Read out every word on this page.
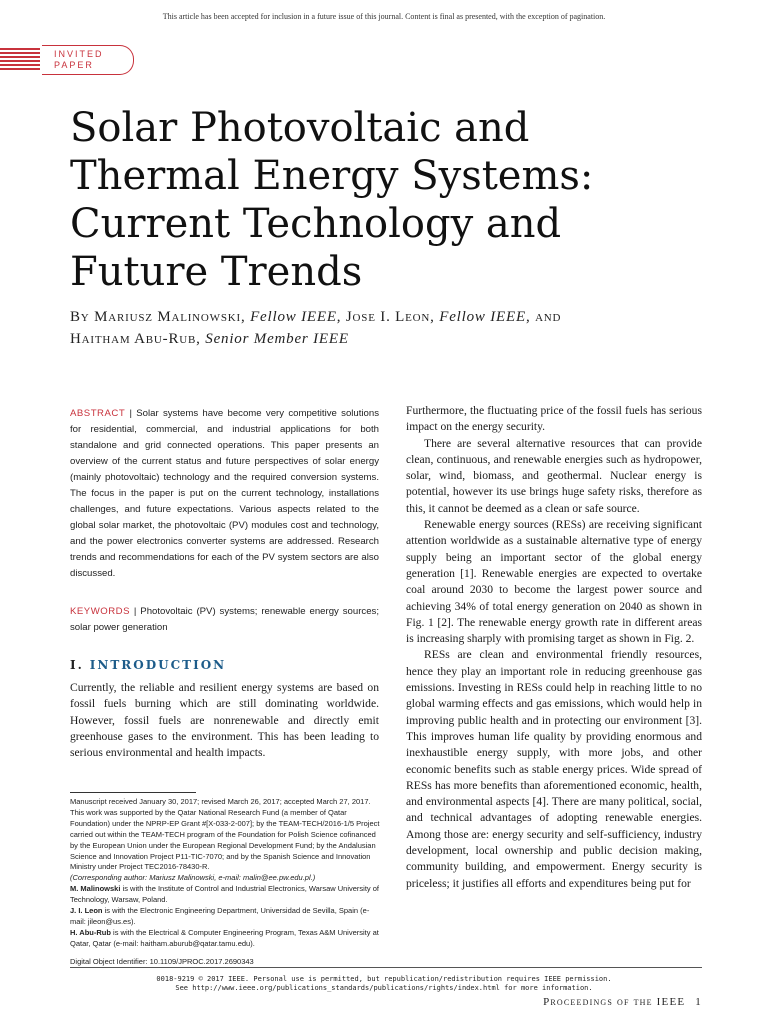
This article has been accepted for inclusion in a future issue of this journal. Content is final as presented, with the exception of pagination.
INVITED
PAPER
Solar Photovoltaic and
Thermal Energy Systems:
Current Technology and
Future Trends
By Mariusz Malinowski, Fellow IEEE, Jose I. Leon, Fellow IEEE, and
Haitham Abu-Rub, Senior Member IEEE
ABSTRACT | Solar systems have become very competitive solutions for residential, commercial, and industrial applications for both standalone and grid connected operations. This paper presents an overview of the current status and future perspectives of solar energy (mainly photovoltaic) technology and the required conversion systems. The focus in the paper is put on the current technology, installations challenges, and future expectations. Various aspects related to the global solar market, the photovoltaic (PV) modules cost and technology, and the power electronics converter systems are addressed. Research trends and recommendations for each of the PV system sectors are also discussed.
KEYWORDS | Photovoltaic (PV) systems; renewable energy sources; solar power generation
I. INTRODUCTION
Currently, the reliable and resilient energy systems are based on fossil fuels burning which are still dominating worldwide. However, fossil fuels are nonrenewable and directly emit greenhouse gases to the environment. This has been leading to serious environmental and health impacts.

Manuscript received January 30, 2017; revised March 26, 2017; accepted March 27, 2017. This work was supported by the Qatar National Research Fund (a member of Qatar Foundation) under the NPRP-EP Grant #[X-033-2-007]; by the TEAM-TECH/2016-1/5 Project carried out within the TEAM-TECH program of the Foundation for Polish Science cofinanced by the European Union under the European Regional Development Fund; by the Andalusian Science and Innovation Project P11-TIC-7070; and by the Spanish Science and Innovation Ministry under Project TEC2016-78430-R.

(Corresponding author: Mariusz Malinowski, e-mail: malin@ee.pw.edu.pl.)

M. Malinowski is with the Institute of Control and Industrial Electronics, Warsaw University of Technology, Warsaw, Poland.

J. I. Leon is with the Electronic Engineering Department, Universidad de Sevilla, Spain (e-mail: jileon@us.es).

H. Abu-Rub is with the Electrical & Computer Engineering Program, Texas A&M University at Qatar, Qatar (e-mail: haitham.aburub@qatar.tamu.edu).

Digital Object Identifier: 10.1109/JPROC.2017.2690343

Furthermore, the fluctuating price of the fossil fuels has serious impact on the energy security.

There are several alternative resources that can provide clean, continuous, and renewable energies such as hydropower, solar, wind, biomass, and geothermal. Nuclear energy is potential, however its use brings huge safety risks, therefore as this, it cannot be deemed as a clean or safe source.

Renewable energy sources (RESs) are receiving significant attention worldwide as a sustainable alternative type of energy supply being an important sector of the global energy generation [1]. Renewable energies are expected to overtake coal around 2030 to become the largest power source and achieving 34% of total energy generation on 2040 as shown in Fig. 1 [2]. The renewable energy growth rate in different areas is increasing sharply with promising target as shown in Fig. 2.

RESs are clean and environmental friendly resources, hence they play an important role in reducing greenhouse gas emissions. Investing in RESs could help in reaching little to no global warming effects and gas emissions, which would help in improving public health and in protecting our environment [3]. This improves human life quality by providing enormous and inexhaustible energy supply, with more jobs, and other economic benefits such as stable energy prices. Wide spread of RESs has more benefits than aforementioned economic, health, and environmental aspects [4]. There are many political, social, and technical advantages of adopting renewable energies. Among those are: energy security and self-sufficiency, industry development, local ownership and public decision making, community building, and empowerment. Energy security is priceless; it justifies all efforts and expenditures being put for

0018-9219 © 2017 IEEE. Personal use is permitted, but republication/redistribution requires IEEE permission.
See http://www.ieee.org/publications_standards/publications/rights/index.html for more information.
Proceedings of the IEEE 1
